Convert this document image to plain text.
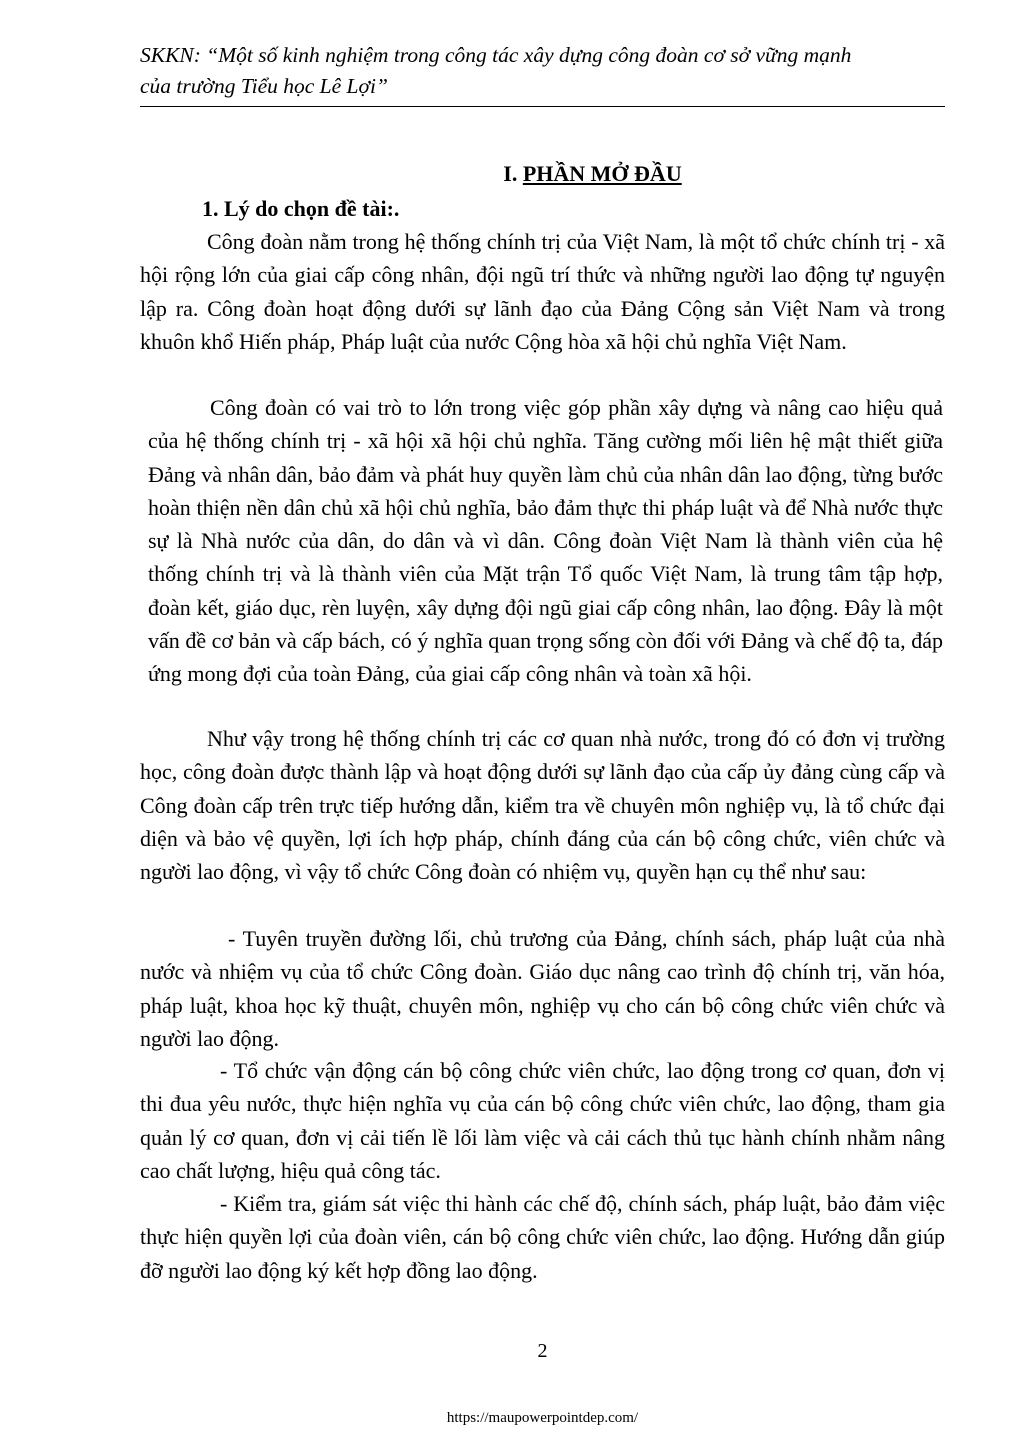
SKKN: “Một số kinh nghiệm trong công tác xây dựng công đoàn cơ sở vững mạnh
của trường Tiểu học Lê Lợi”
I. PHẦN MỞ ĐẦU
1. Lý do chọn đề tài:.

Công đoàn nằm trong hệ thống chính trị của Việt Nam, là một tổ chức chính trị - xã hội rộng lớn của giai cấp công nhân, đội ngũ trí thức và những người lao động tự nguyện lập ra. Công đoàn hoạt động dưới sự lãnh đạo của Đảng Cộng sản Việt Nam và trong khuôn khổ Hiến pháp, Pháp luật của nước Cộng hòa xã hội chủ nghĩa Việt Nam.

Công đoàn có vai trò to lớn trong việc góp phần xây dựng và nâng cao hiệu quả của hệ thống chính trị - xã hội xã hội chủ nghĩa. Tăng cường mối liên hệ mật thiết giữa Đảng và nhân dân, bảo đảm và phát huy quyền làm chủ của nhân dân lao động, từng bước hoàn thiện nền dân chủ xã hội chủ nghĩa, bảo đảm thực thi pháp luật và để Nhà nước thực sự là Nhà nước của dân, do dân và vì dân. Công đoàn Việt Nam là thành viên của hệ thống chính trị và là thành viên của Mặt trận Tổ quốc Việt Nam, là trung tâm tập hợp, đoàn kết, giáo dục, rèn luyện, xây dựng đội ngũ giai cấp công nhân, lao động. Đây là một vấn đề cơ bản và cấp bách, có ý nghĩa quan trọng sống còn đối với Đảng và chế độ ta, đáp ứng mong đợi của toàn Đảng, của giai cấp công nhân và toàn xã hội.

Như vậy trong hệ thống chính trị các cơ quan nhà nước, trong đó có đơn vị trường học, công đoàn được thành lập và hoạt động dưới sự lãnh đạo của cấp ủy đảng cùng cấp và Công đoàn cấp trên trực tiếp hướng dẫn, kiểm tra về chuyên môn nghiệp vụ, là tổ chức đại diện và bảo vệ quyền, lợi ích hợp pháp, chính đáng của cán bộ công chức, viên chức và người lao động, vì vậy tổ chức Công đoàn có nhiệm vụ, quyền hạn cụ thể như sau:

- Tuyên truyền đường lối, chủ trương của Đảng, chính sách, pháp luật của nhà nước và nhiệm vụ của tổ chức Công đoàn. Giáo dục nâng cao trình độ chính trị, văn hóa, pháp luật, khoa học kỹ thuật, chuyên môn, nghiệp vụ cho cán bộ công chức viên chức và người lao động.

- Tổ chức vận động cán bộ công chức viên chức, lao động trong cơ quan, đơn vị thi đua yêu nước, thực hiện nghĩa vụ của cán bộ công chức viên chức, lao động, tham gia quản lý cơ quan, đơn vị cải tiến lề lối làm việc và cải cách thủ tục hành chính nhằm nâng cao chất lượng, hiệu quả công tác.

- Kiểm tra, giám sát việc thi hành các chế độ, chính sách, pháp luật, bảo đảm việc thực hiện quyền lợi của đoàn viên, cán bộ công chức viên chức, lao động. Hướng dẫn giúp đỡ người lao động ký kết hợp đồng lao động.

2
https://maupowerpointdep.com/
